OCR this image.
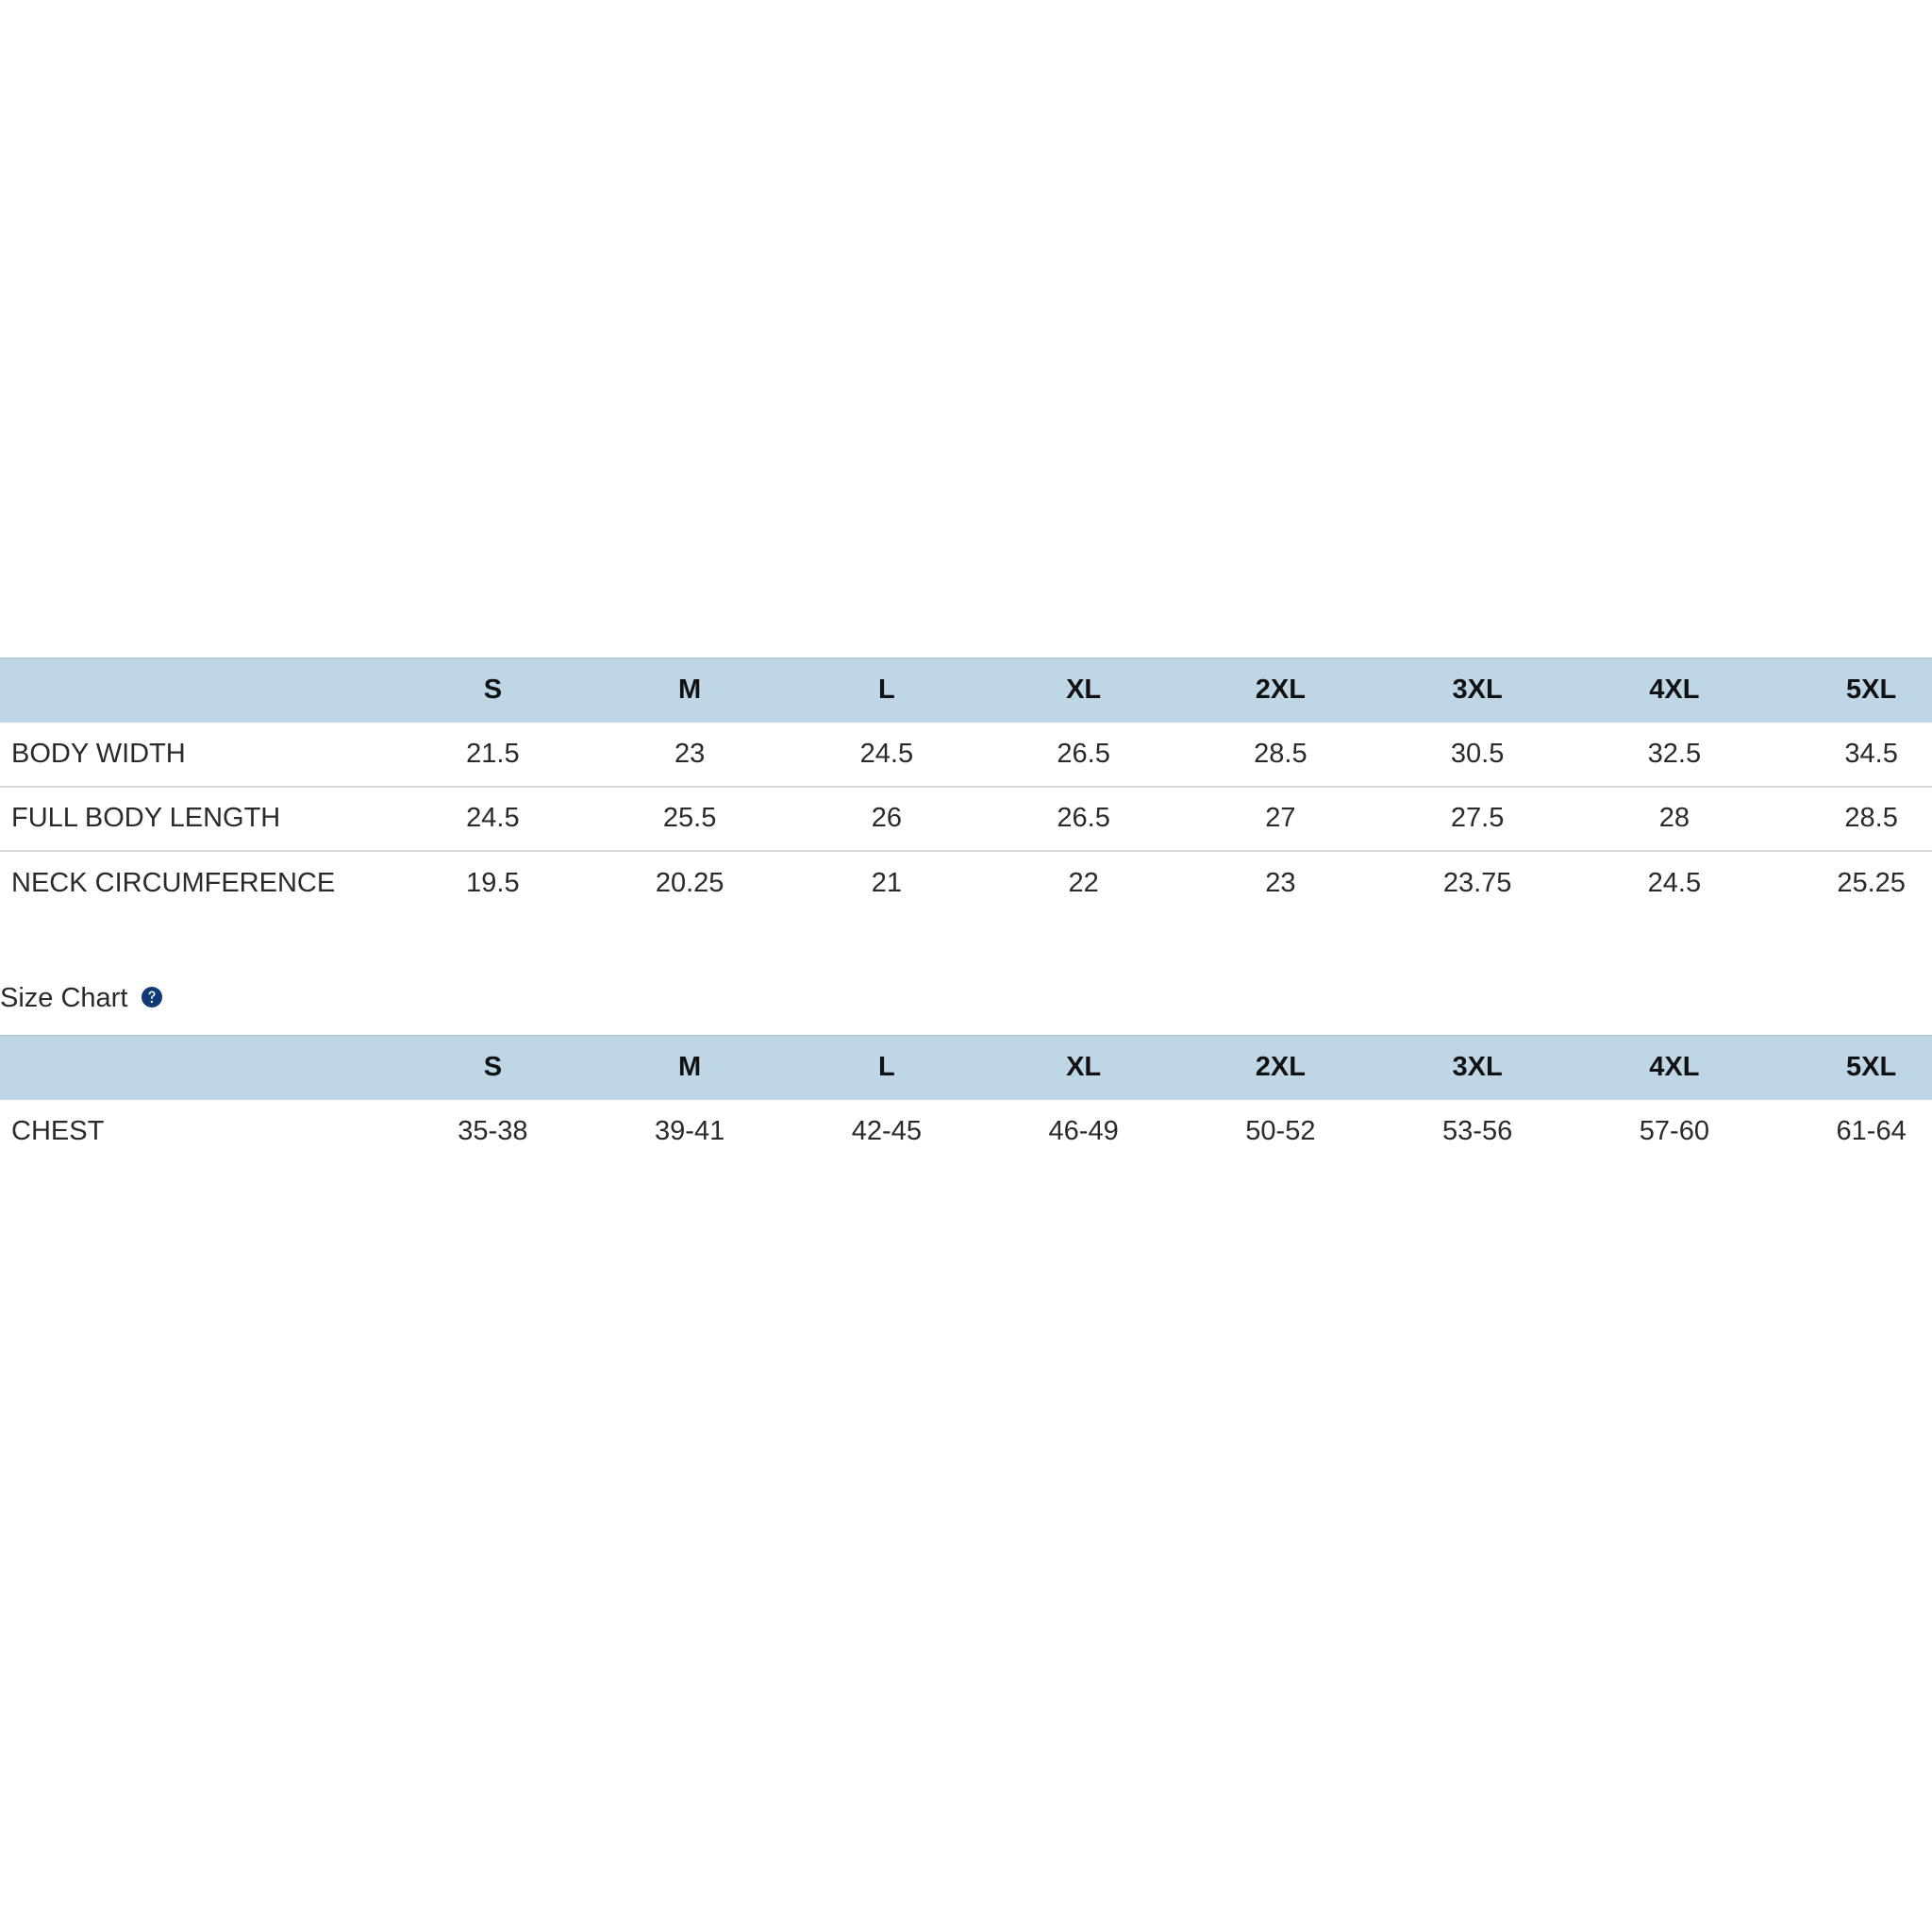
	S	M	L	XL	2XL	3XL	4XL	5XL
BODY WIDTH	21.5	23	24.5	26.5	28.5	30.5	32.5	34.5
FULL BODY LENGTH	24.5	25.5	26	26.5	27	27.5	28	28.5
NECK CIRCUMFERENCE	19.5	20.25	21	22	23	23.75	24.5	25.25
Size Chart
	S	M	L	XL	2XL	3XL	4XL	5XL
CHEST	35-38	39-41	42-45	46-49	50-52	53-56	57-60	61-64
